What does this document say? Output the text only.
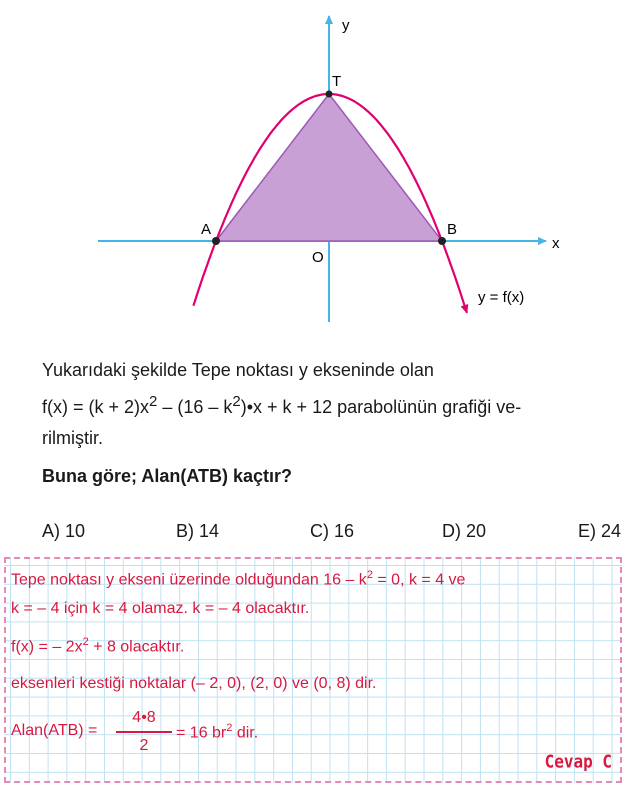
y
x
T
A	B
O
y = f(x)

Yukarıdaki şekilde Tepe noktası y ekseninde olan

$f(x) = (k + 2)x^2 - (16$ – $k^2)•x + k + 12$ parabolünün grafiği ve-

rilmiştir.

Buna göre; Alan(ATB) kaçtır?
A) 10	B) 14	C) 16	D) 20	E) 24
Tepe noktası y ekseni üzerinde olduğundan $16 - k^2 = 0$, k = 4 ve
k = – 4 için k = 4 olamaz. k = – 4 olacaktır.
f(x) = – $2x^2 + 8$ olacaktır.
eksenleri kestiği noktalar (– 2, 0), (2, 0) ve (0, 8) dir.
Alan(ATB) =
4•8
2
= 16 $br^2$ dir.
Cevap C
